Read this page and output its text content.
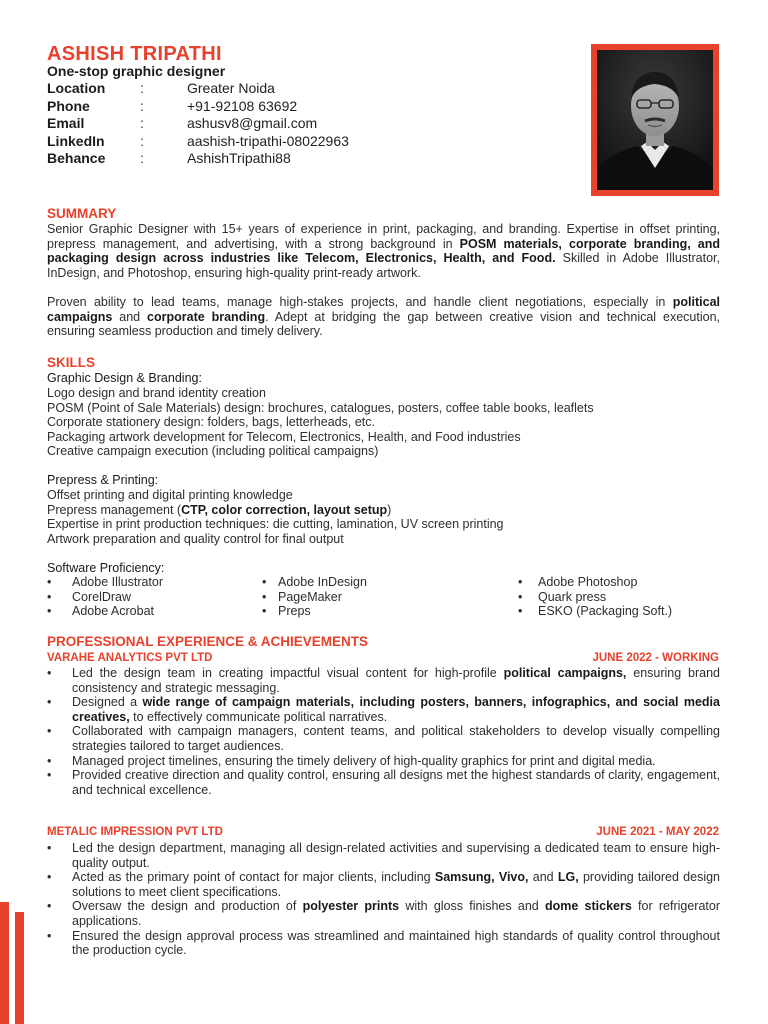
ASHISH TRIPATHI
One-stop graphic designer
Location	:	Greater Noida
Phone	:	+91-92108 63692
Email	:	ashusv8@gmail.com
LinkedIn	:	aashish-tripathi-08022963
Behance	:	AshishTripathi88
SUMMARY
Senior Graphic Designer with 15+ years of experience in print, packaging, and branding. Expertise in offset printing, prepress management, and advertising, with a strong background in POSM materials, corporate branding, and packaging design across industries like Telecom, Electronics, Health, and Food. Skilled in Adobe Illustrator, InDesign, and Photoshop, ensuring high-quality print-ready artwork.
Proven ability to lead teams, manage high-stakes projects, and handle client negotiations, especially in political campaigns and corporate branding. Adept at bridging the gap between creative vision and technical execution, ensuring seamless production and timely delivery.
SKILLS
Graphic Design & Branding:
Logo design and brand identity creation
POSM (Point of Sale Materials) design: brochures, catalogues, posters, coffee table books, leaflets
Corporate stationery design: folders, bags, letterheads, etc.
Packaging artwork development for Telecom, Electronics, Health, and Food industries
Creative campaign execution (including political campaigns)
Prepress & Printing:
Offset printing and digital printing knowledge
Prepress management (CTP, color correction, layout setup)
Expertise in print production techniques: die cutting, lamination, UV screen printing
Artwork preparation and quality control for final output
Software Proficiency:
•	Adobe Illustrator	• Adobe InDesign	•	Adobe Photoshop
•	CorelDraw	• PageMaker	•	Quark press
•	Adobe Acrobat	• Preps	•	ESKO (Packaging Soft.)
PROFESSIONAL EXPERIENCE & ACHIEVEMENTS
VARAHE ANALYTICS PVT LTD	JUNE 2022 - WORKING
•	Led the design team in creating impactful visual content for high-profile political campaigns, ensuring brand consistency and strategic messaging.
•	Designed a wide range of campaign materials, including posters, banners, infographics, and social media creatives, to effectively communicate political narratives.
•	Collaborated with campaign managers, content teams, and political stakeholders to develop visually compelling strategies tailored to target audiences.
•	Managed project timelines, ensuring the timely delivery of high-quality graphics for print and digital media.
•	Provided creative direction and quality control, ensuring all designs met the highest standards of clarity, engagement, and technical excellence.
METALIC IMPRESSION PVT LTD	JUNE 2021 - MAY 2022
•	Led the design department, managing all design-related activities and supervising a dedicated team to ensure high-quality output.
•	Acted as the primary point of contact for major clients, including Samsung, Vivo, and LG, providing tailored design solutions to meet client specifications.
•	Oversaw the design and production of polyester prints with gloss finishes and dome stickers for refrigerator applications.
•	Ensured the design approval process was streamlined and maintained high standards of quality control throughout the production cycle.
